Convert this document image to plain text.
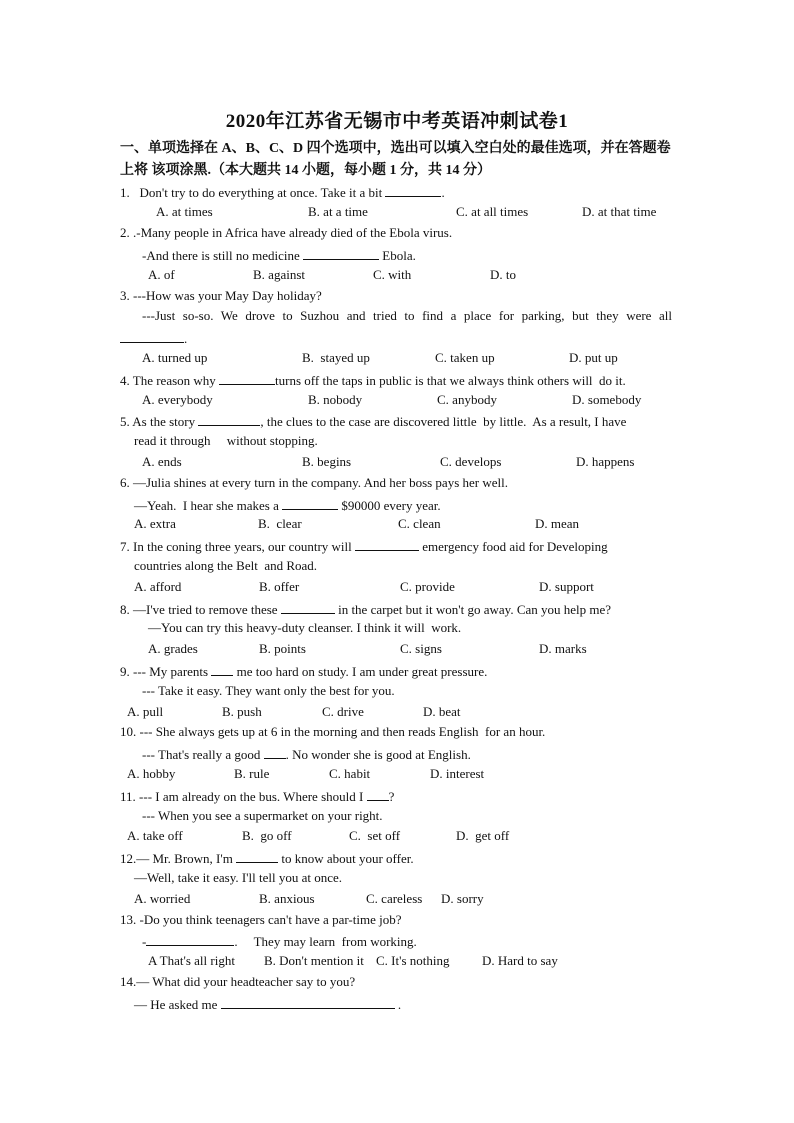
2020年江苏省无锡市中考英语冲刺试卷1
一、单项选择在 A、B、C、D 四个选项中，选出可以填入空白处的最佳选项，并在答题卷
上将 该项涂黑.（本大题共 14 小题，每小题 1 分，共 14 分）
1.   Don't try to do everything at once. Take it a bit	.
A. at times	B. at a time	C. at all times	D. at that time
2. .-Many people in Africa have already died of the Ebola virus.
-And there is still no medicine	Ebola.
A. of	B. against	C. with	D. to
3. ---How was your May Day holiday?
---Just so-so. We drove to Suzhou and tried to find a place for parking, but they were all
.
A. turned up	B.  stayed up	C. taken up	D. put up
4. The reason why	turns off the taps in public is that we always think others will  do it.
A. everybody	B. nobody	C. anybody	D. somebody
5. As the story	, the clues to the case are discovered little  by little.  As a result, I have
read it through     without stopping.
A. ends	B. begins	C. develops	D. happens
6. —Julia shines at every turn in the company. And her boss pays her well.
—Yeah.  I hear she makes a	$90000 every year.
A. extra	B.  clear	C. clean	D. mean
7. In the coning three years, our country will	emergency food aid for Developing
countries along the Belt  and Road.
A. afford	B. offer	C. provide	D. support
8. —I've tried to remove these	in the carpet but it won't go away. Can you help me?
—You can try this heavy-duty cleanser. I think it will  work.
A. grades	B. points	C. signs	D. marks
9. --- My parents  me too hard on study. I am under great pressure.
--- Take it easy. They want only the best for you.
A. pull	B. push	C. drive	D. beat
10. --- She always gets up at 6 in the morning and then reads English  for an hour.
--- That's really a good . No wonder she is good at English.
A. hobby	B. rule	C. habit	D. interest
11. --- I am already on the bus. Where should I ?
--- When you see a supermarket on your right.
A. take off	B.  go off	C.  set off	D.  get off
12.— Mr. Brown, I'm	to know about your offer.
—Well, take it easy. I'll tell you at once.
A. worried	B. anxious	C. careless D. sorry
13. -Do you think teenagers can't have a par-time job?
-	.     They may learn  from working.
A That's all right B. Don't mention it C. It's nothing	D. Hard to say
14.— What did your headteacher say to you?
— He asked me	.
